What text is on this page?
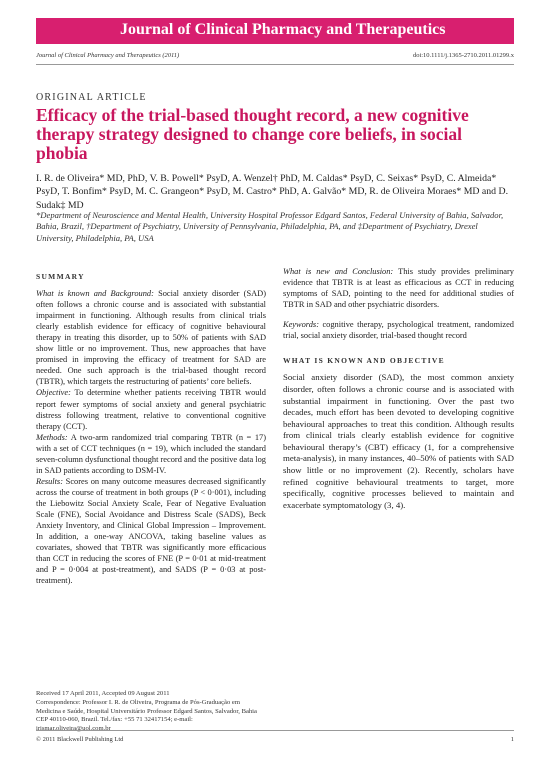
Journal of Clinical Pharmacy and Therapeutics
Journal of Clinical Pharmacy and Therapeutics (2011)	doi:10.1111/j.1365-2710.2011.01299.x
ORIGINAL ARTICLE
Efficacy of the trial-based thought record, a new cognitive therapy strategy designed to change core beliefs, in social phobia

I. R. de Oliveira* MD, PhD, V. B. Powell* PsyD, A. Wenzel† PhD, M. Caldas* PsyD, C. Seixas* PsyD, C. Almeida* PsyD, T. Bonfim* PsyD, M. C. Grangeon* PsyD, M. Castro* PhD, A. Galvão* MD, R. de Oliveira Moraes* MD and D. Sudak‡ MD

*Department of Neuroscience and Mental Health, University Hospital Professor Edgard Santos, Federal University of Bahia, Salvador, Bahia, Brazil, †Department of Psychiatry, University of Pennsylvania, Philadelphia, PA, and ‡Department of Psychiatry, Drexel University, Philadelphia, PA, USA

SUMMARY

What is known and Background: Social anxiety disorder (SAD) often follows a chronic course and is associated with substantial impairment in functioning. Although results from clinical trials clearly establish evidence for efficacy of cognitive behavioural therapy in treating this disorder, up to 50% of patients with SAD show little or no improvement. Thus, new approaches that have promised in improving the efficacy of treatment for SAD are needed. One such approach is the trial-based thought record (TBTR), which targets the restructuring of patients’ core beliefs.

Objective: To determine whether patients receiving TBTR would report fewer symptoms of social anxiety and general psychiatric distress following treatment, relative to conventional cognitive therapy (CCT).

Methods: A two-arm randomized trial comparing TBTR (n = 17) with a set of CCT techniques (n = 19), which included the standard seven-column dysfunctional thought record and the positive data log in SAD patients according to DSM-IV.

Results: Scores on many outcome measures decreased significantly across the course of treatment in both groups (P < 0·001), including the Liebowitz Social Anxiety Scale, Fear of Negative Evaluation Scale (FNE), Social Avoidance and Distress Scale (SADS), Beck Anxiety Inventory, and Clinical Global Impression – Improvement. In addition, a one-way ANCOVA, taking baseline values as covariates, showed that TBTR was significantly more efficacious than CCT in reducing the scores of FNE (P = 0·01 at mid-treatment and P = 0·004 at post-treatment), and SADS (P = 0·03 at post-treatment).

Received 17 April 2011, Accepted 09 August 2011

Correspondence: Professor I. R. de Oliveira, Programa de Pós-Graduação em Medicina e Saúde, Hospital Universitário Professor Edgard Santos, Salvador, Bahia CEP 40110-060, Brazil. Tel./fax: +55 71 32417154; e-mail: irismar.oliveira@uol.com.br

What is new and Conclusion: This study provides preliminary evidence that TBTR is at least as efficacious as CCT in reducing symptoms of SAD, pointing to the need for additional studies of TBTR in SAD and other psychiatric disorders.

Keywords: cognitive therapy, psychological treatment, randomized trial, social anxiety disorder, trial-based thought record

WHAT IS KNOWN AND OBJECTIVE

Social anxiety disorder (SAD), the most common anxiety disorder, often follows a chronic course and is associated with substantial impairment in functioning. Over the past two decades, much effort has been devoted to developing cognitive behavioural approaches to treat this condition. Although results from clinical trials clearly establish evidence for cognitive behavioural therapy’s (CBT) efficacy (1, for a comprehensive meta-analysis), in many instances, 40–50% of patients with SAD show little or no improvement (2). Recently, scholars have refined cognitive behavioural treatments to target, more specifically, cognitive processes believed to maintain and exacerbate symptomatology (3, 4).

© 2011 Blackwell Publishing Ltd	1
